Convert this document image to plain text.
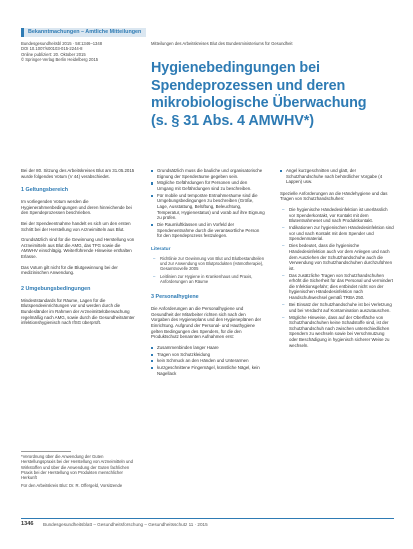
Bekanntmachungen – Amtliche Mitteilungen
Bundesgesundheitsbl 2015 · 58:1346–1348
DOI 10.1007/s00103-015-2244-8
Online publiziert: 20. Oktober 2015
© Springer-Verlag Berlin Heidelberg 2015
Mitteilungen des Arbeitskreises Blut des Bundesministeriums für Gesundheit
Hygienebedingungen bei Spendeprozessen und deren mikrobiologische Überwachung (s. § 31 Abs. 4 AMWHV*)

Bei der 80. Sitzung des Arbeitskreises Blut am 31.05.2015 wurde folgendes Votum (V 44) verabschiedet.

1 Geltungsbereich

Im vorliegenden Votum werden die Hygienerahmenbedingungen und deren hinreichende bei den Spendeprozessen beschrieben.

Bei der Spendeentnahme handelt es sich um den ersten Schritt bei der Herstellung von Arzneimitteln aus Blut.

Grundsätzlich sind für die Gewinnung und Herstellung von Arzneimitteln aus Blut die AMG, das TFG sowie die AMWHV einschlägig. Weiterführende Hinweise enthalten Erlasse.

Das Votum gilt nicht für die Blutgewinnung bei der medizinischen Anwendung.

2 Umgebungsbedingungen

Mindeststandards für Räume, Lagen für die Blutspendeeinrichtungen vor und werden durch die Bundesländer im Rahmen der Arzneimittelüberwachung regelmäßig nach AMG, sowie durch die Gesundheitsämter infektionshygienisch nach IfSG überprüft.

*Verordnung über die Anwendung der Guten Herstellungspraxis bei der Herstellung von Arzneimitteln und Wirkstoffen und über die Anwendung der Guten fachlichen Praxis bei der Herstellung von Produkten menschlicher Herkunft
Für den Arbeitskreis Blut: Dr. R. Offergeld, Vorsitzende
Grundsätzlich muss die bauliche und organisatorische Eignung der Spenderäume gegeben sein.
Mögliche Gefährdungen für Personen und den Umgang mit Gefährdungen sind zu beschreiben.
Für mobile und temporäre Entnahmeräume sind die Umgebungsbedingungen zu beschreiben (Größe, Lage, Ausstattung, Belüftung, Beleuchtung, Temperatur, Hygienestatus) und vorab auf ihre Eignung zu prüfen.
Die Raumluftklassen und im Vorfeld der Spendenentnahme durch die verantwortliche Person für den Spendeprozess festzulegen.
Literatur
– Richtlinie zur Gewinnung von Blut und Blutbestandteilen und zur Anwendung von Blutprodukten (Hämotherapie), Gesamtnovelle 2005
– Leitlinien zur Hygiene in Krankenhaus und Praxis, Anforderungen an Räume
3 Personalhygiene

Die Anforderungen an die Personalhygiene und Gesundheit der Mitarbeiter richten sich nach den Vorgaben des Hygieneplans und den Hygieneplänen der Einrichtung. Aufgrund der Personal- und Hauthygiene gelten Bedingungen des Spenders, für die den Produktschutz benannten Aufnahmen erst:

Zusammenbinden langer Haare
Tragen von Schutzkleidung
kein Schmuck an den Händen und Unterarmen
kurzgeschnittene Fingernägel, künstliche Nägel, kein Nagellack
Angel kurzgeschnitten und glatt, der Schutzhandschuhe nach behördlicher Vorgabe (4 Lappen) usw.

Spezielle Anforderungen an die Händehygiene und das Tragen von Schutzhandschuhen:

– Die hygienische Händedesinfektion ist unerlässlich vor Spenderkontakt, vor Kontakt mit dem Blutentnahmeset und nach Produktkontakt.
– Indikationen zur hygienischen Händedesinfektion sind vor und nach Kontakt mit dem Spender und Spendenmaterial.
– Dies bedeutet, dass die hygienische Händedesinfektion auch vor dem Anlegen und nach dem Ausziehen der Schutzhandschuhe auch die Verwendung von Schutzhandschuhen durchzuführen ist.
– Das zusätzliche Tragen von Schutzhandschuhen erhöht die Sicherheit für das Personal und vermindert die Infektionsgefahr; dies entbindet nicht von der hygienischen Händedesinfektion nach Handschuhwechsel gemäß TRBA 250.
– Bei Einsatz der Schutzhandschuhe ist bei Verletzung und bei Verdacht auf Kontamination auszutauschen.
– Mögliche Hinweise, dass auf der Oberfläche von Schutzhandschuhen keine Schadstoffe sind, ist der Schutzhandschuh nach zwischen unterschiedlichen Spendern zu wechseln sowie bei Verschmutzung oder Beschädigung in hygienisch sicherer Weise zu wechseln.
1346 Bundesgesundheitsblatt – Gesundheitsforschung – Gesundheitsschutz 11 · 2015
